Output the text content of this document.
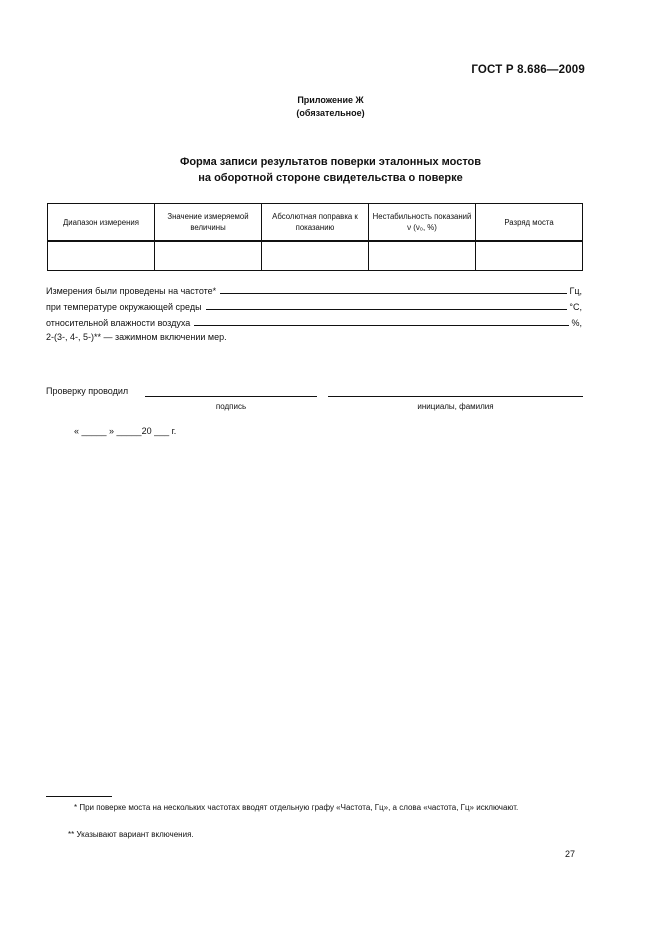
ГОСТ Р 8.686—2009
Приложение Ж
(обязательное)
Форма записи результатов поверки эталонных мостов
на оборотной стороне свидетельства о поверке
Диапазон измерения	Значение измеряемой величины	Абсолютная поправка к показанию	Нестабильность показаний ν (ν₀, %)	Разряд моста

Измерения были проведены на частоте*	Гц,
при температуре окружающей среды	°С,
относительной влажности воздуха	%,
2-(3-, 4-, 5-)** — зажимном включении мер.
Проверку проводил
подпись	инициалы, фамилия
« _____ » _____20 ___ г.
* При поверке моста на нескольких частотах вводят отдельную графу «Частота, Гц», а слова «частота, Гц» исключают.
** Указывают вариант включения.
27
